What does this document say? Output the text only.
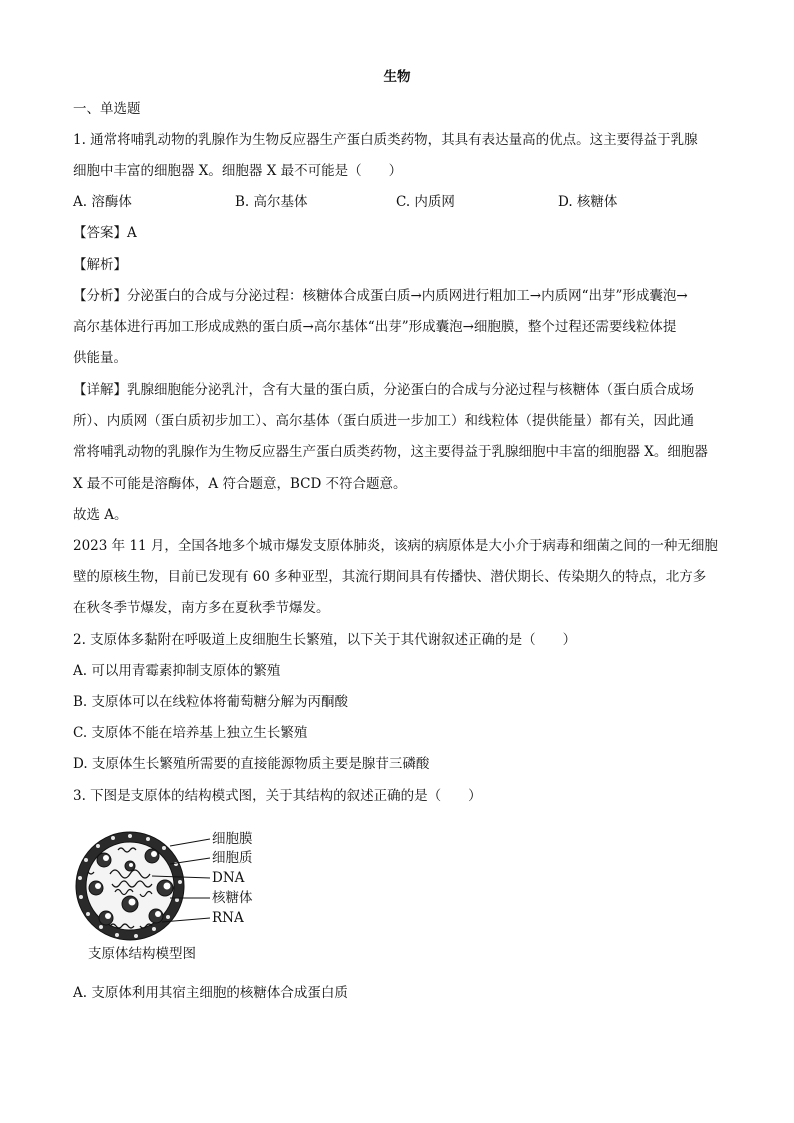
生物
一、单选题
1. 通常将哺乳动物的乳腺作为生物反应器生产蛋白质类药物，其具有表达量高的优点。这主要得益于乳腺
细胞中丰富的细胞器 X。细胞器 X 最不可能是（　　）
A. 溶酶体	B. 高尔基体	C. 内质网	D. 核糖体
【答案】A
【解析】
【分析】分泌蛋白的合成与分泌过程：核糖体合成蛋白质→内质网进行粗加工→内质网“出芽”形成囊泡→
高尔基体进行再加工形成成熟的蛋白质→高尔基体“出芽”形成囊泡→细胞膜，整个过程还需要线粒体提
供能量。
【详解】乳腺细胞能分泌乳汁，含有大量的蛋白质，分泌蛋白的合成与分泌过程与核糖体（蛋白质合成场
所）、内质网（蛋白质初步加工）、高尔基体（蛋白质进一步加工）和线粒体（提供能量）都有关，因此通
常将哺乳动物的乳腺作为生物反应器生产蛋白质类药物，这主要得益于乳腺细胞中丰富的细胞器 X。细胞器
X 最不可能是溶酶体，A 符合题意，BCD 不符合题意。
故选 A。
2023 年 11 月，全国各地多个城市爆发支原体肺炎，该病的病原体是大小介于病毒和细菌之间的一种无细胞
壁的原核生物，目前已发现有 60 多种亚型，其流行期间具有传播快、潜伏期长、传染期久的特点，北方多
在秋冬季节爆发，南方多在夏秋季节爆发。
2. 支原体多黏附在呼吸道上皮细胞生长繁殖，以下关于其代谢叙述正确的是（　　）
A. 可以用青霉素抑制支原体的繁殖
B. 支原体可以在线粒体将葡萄糖分解为丙酮酸
C. 支原体不能在培养基上独立生长繁殖
D. 支原体生长繁殖所需要的直接能源物质主要是腺苷三磷酸
3. 下图是支原体的结构模式图，关于其结构的叙述正确的是（　　）
细胞膜
细胞质
DNA
核糖体
RNA
支原体结构模型图
A. 支原体利用其宿主细胞的核糖体合成蛋白质
